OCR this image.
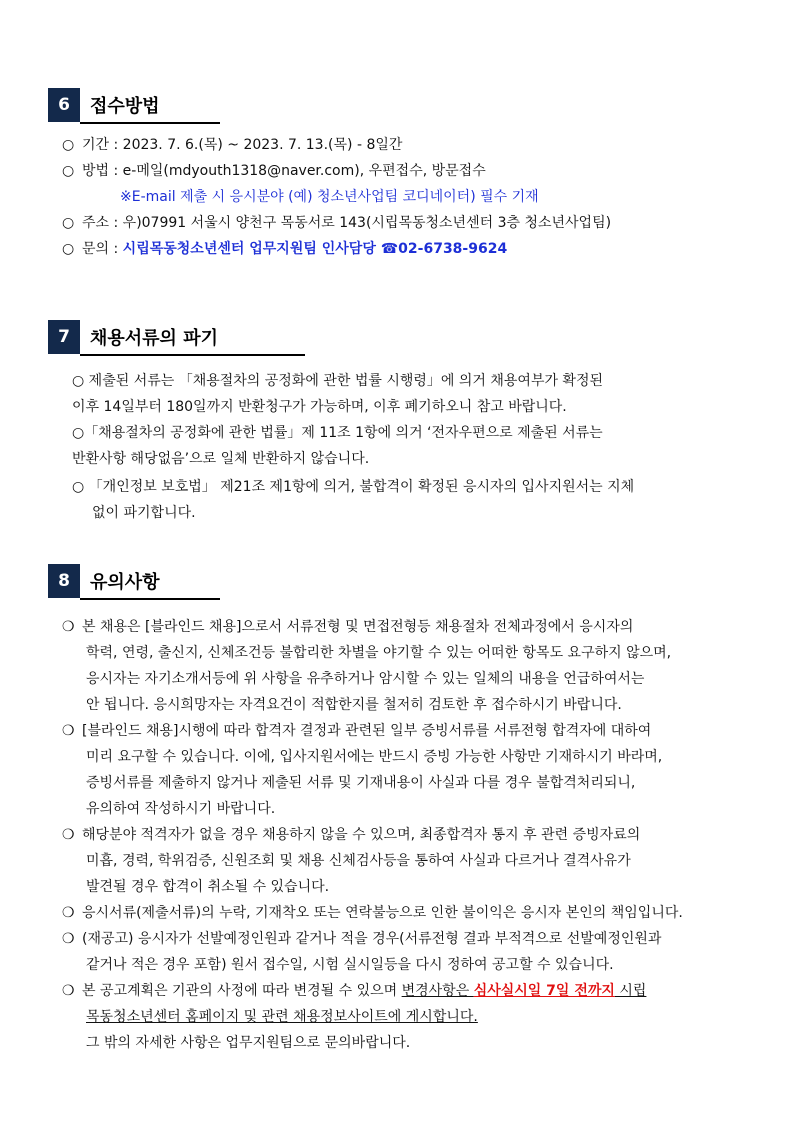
6	접수방법
○ 기간 : 2023. 7. 6.(목) ~ 2023. 7. 13.(목) - 8일간
○ 방법 : e-메일(mdyouth1318@naver.com), 우편접수, 방문접수
※E-mail 제출 시 응시분야 (예) 청소년사업팀 코디네이터) 필수 기재
○ 주소 : 우)07991 서울시 양천구 목동서로 143(시립목동청소년센터 3층 청소년사업팀)
○ 문의 : 시립목동청소년센터 업무지원팀 인사담당 ☎02-6738-9624
7	채용서류의 파기
○ 제출된 서류는 「채용절차의 공정화에 관한 법률 시행령」에 의거 채용여부가 확정된
이후 14일부터 180일까지 반환청구가 가능하며, 이후 폐기하오니 참고 바랍니다.
○「채용절차의 공정화에 관한 법률」제 11조 1항에 의거 ‘전자우편으로 제출된 서류는
반환사항 해당없음’으로 일체 반환하지 않습니다.
○ 「개인정보 보호법」 제21조 제1항에 의거, 불합격이 확정된 응시자의 입사지원서는 지체
없이 파기합니다.
8	유의사항
❍ 본 채용은 [블라인드 채용]으로서 서류전형 및 면접전형등 채용절차 전체과정에서 응시자의
학력, 연령, 출신지, 신체조건등 불합리한 차별을 야기할 수 있는 어떠한 항목도 요구하지 않으며,
응시자는 자기소개서등에 위 사항을 유추하거나 암시할 수 있는 일체의 내용을 언급하여서는
안 됩니다. 응시희망자는 자격요건이 적합한지를 철저히 검토한 후 접수하시기 바랍니다.
❍ [블라인드 채용]시행에 따라 합격자 결정과 관련된 일부 증빙서류를 서류전형 합격자에 대하여
미리 요구할 수 있습니다. 이에, 입사지원서에는 반드시 증빙 가능한 사항만 기재하시기 바라며,
증빙서류를 제출하지 않거나 제출된 서류 및 기재내용이 사실과 다를 경우 불합격처리되니,
유의하여 작성하시기 바랍니다.
❍ 해당분야 적격자가 없을 경우 채용하지 않을 수 있으며, 최종합격자 통지 후 관련 증빙자료의
미흡, 경력, 학위검증, 신원조회 및 채용 신체검사등을 통하여 사실과 다르거나 결격사유가
발견될 경우 합격이 취소될 수 있습니다.
❍ 응시서류(제출서류)의 누락, 기재착오 또는 연락불능으로 인한 불이익은 응시자 본인의 책임입니다.
❍ (재공고) 응시자가 선발예정인원과 같거나 적을 경우(서류전형 결과 부적격으로 선발예정인원과
같거나 적은 경우 포함) 원서 접수일, 시험 실시일등을 다시 정하여 공고할 수 있습니다.
❍ 본 공고계획은 기관의 사정에 따라 변경될 수 있으며 변경사항은 심사실시일 7일 전까지 시립
목동청소년센터 홈페이지 및 관련 채용정보사이트에 게시합니다.
그 밖의 자세한 사항은 업무지원팀으로 문의바랍니다.
